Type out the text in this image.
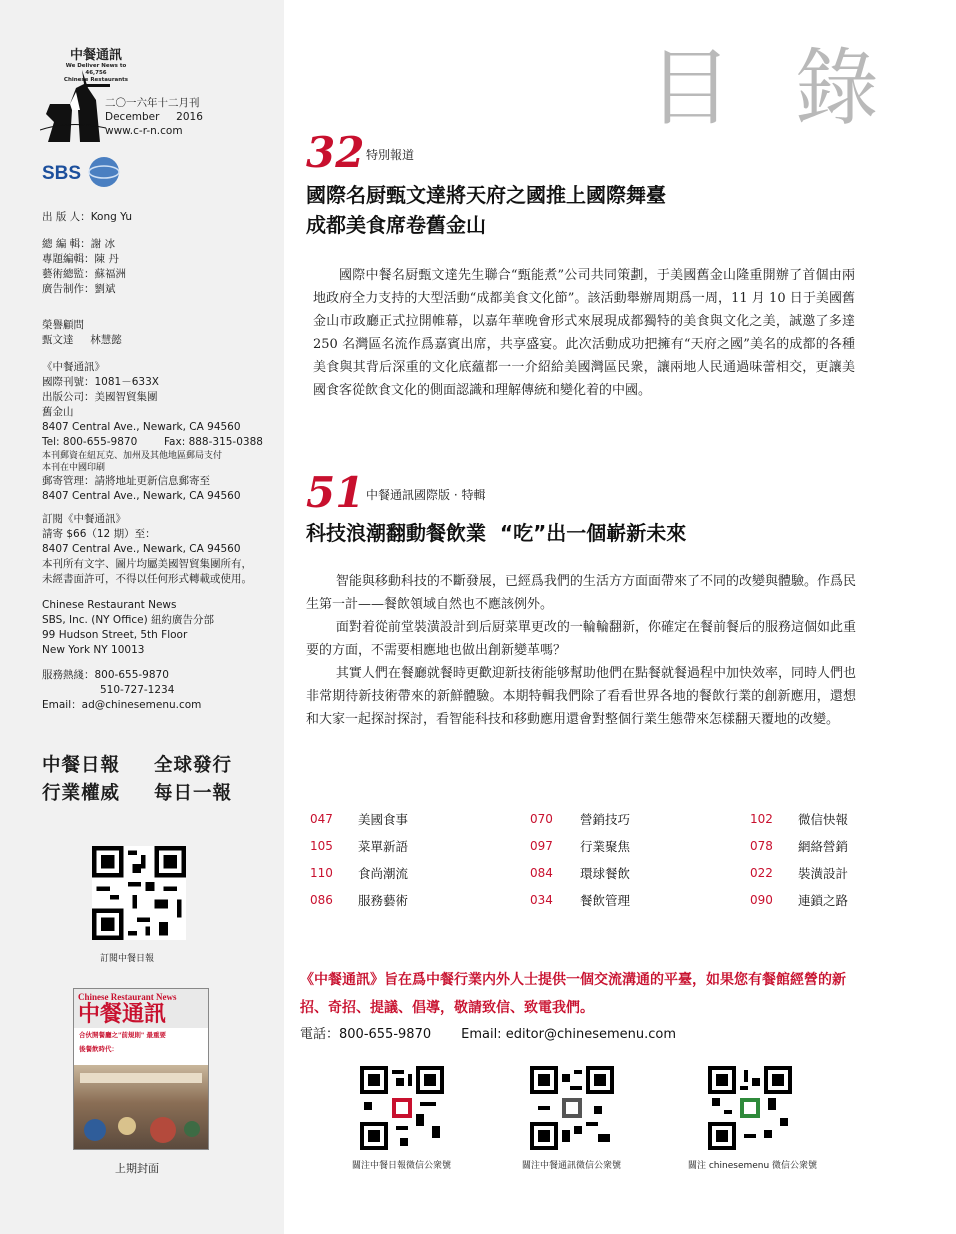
中餐通訊
We Deliver News to 46,756
Chinese Restaurants
二〇一六年十二月刊
December 2016
www.c-r-n.com
SBS
出 版 人：Kong Yu
總 編 輯：謝 冰
專題編輯：陳 丹
藝術總監：蘇福洲
廣告制作：劉斌
榮譽顧問
甄文達     林慧懿
《中餐通訊》
國際刊號：1081－633X
出版公司：美國智貿集團
舊金山
8407 Central Ave., Newark, CA 94560
Tel: 800-655-9870        Fax: 888-315-0388
本刊郵資在紐瓦克、加州及其他地區郵局支付
本刊在中國印刷
郵寄管理：請將地址更新信息郵寄至
8407 Central Ave., Newark, CA 94560
訂閱《中餐通訊》
請寄 $66（12 期）至：
8407 Central Ave., Newark, CA 94560
本刊所有文字、圖片均屬美國智貿集團所有，
未經書面許可，不得以任何形式轉載或使用。
Chinese Restaurant News
SBS, Inc. (NY Office) 紐約廣告分部
99 Hudson Street, 5th Floor
New York NY 10013
服務熱綫：800-655-9870
510-727-1234
Email：ad@chinesemenu.com
中餐日報 全球發行
行業權威 每日一報
訂閱中餐日報
Chinese Restaurant News
中餐通訊
合伙開餐廳之"前規則" 最重要
後餐飲時代：
上期封面
目 錄
32 特別報道
國際名厨甄文達將天府之國推上國際舞臺
成都美食席卷舊金山
國際中餐名厨甄文達先生聯合“甄能煮”公司共同策劃，于美國舊金山隆重開辦了首個由兩地政府全力支持的大型活動“成都美食文化節”。該活動舉辦周期爲一周，11 月 10 日于美國舊金山市政廳正式拉開帷幕，以嘉年華晚會形式來展現成都獨特的美食與文化之美，誠邀了多達 250 名灣區名流作爲嘉賓出席，共享盛宴。此次活動成功把擁有“天府之國”美名的成都的各種美食與其背后深重的文化底蘊都一一介紹給美國灣區民衆，讓兩地人民通過味蕾相交，更讓美國食客從飲食文化的側面認識和理解傳統和變化着的中國。
51 中餐通訊國際版 · 特輯
科技浪潮翻動餐飲業  “吃”出一個嶄新未來
智能與移動科技的不斷發展，已經爲我們的生活方方面面帶來了不同的改變與體驗。作爲民生第一計——餐飲領域自然也不應該例外。
面對着從前堂裝潢設計到后厨菜單更改的一輪輪翻新，你確定在餐前餐后的服務這個如此重要的方面，不需要相應地也做出創新變革嗎？
其實人們在餐廳就餐時更歡迎新技術能够幫助他們在點餐就餐過程中加快效率，同時人們也非常期待新技術帶來的新鮮體驗。本期特輯我們除了看看世界各地的餐飲行業的創新應用，還想和大家一起探討探討，看智能科技和移動應用還會對整個行業生態帶來怎樣翻天覆地的改變。
047 美國食事	070 營銷技巧	102 微信快報
105 菜單新語	097 行業聚焦	078 網絡營銷
110 食尚潮流	084 環球餐飲	022 裝潢設計
086 服務藝術	034 餐飲管理	090 連鎖之路
《中餐通訊》旨在爲中餐行業内外人士提供一個交流溝通的平臺，如果您有餐館經營的新招、奇招、提議、倡導，敬請致信、致電我們。
電話：800-655-9870 Email: editor@chinesemenu.com
關注中餐日報微信公衆號	關注中餐通訊微信公衆號	關注 chinesemenu 微信公衆號
